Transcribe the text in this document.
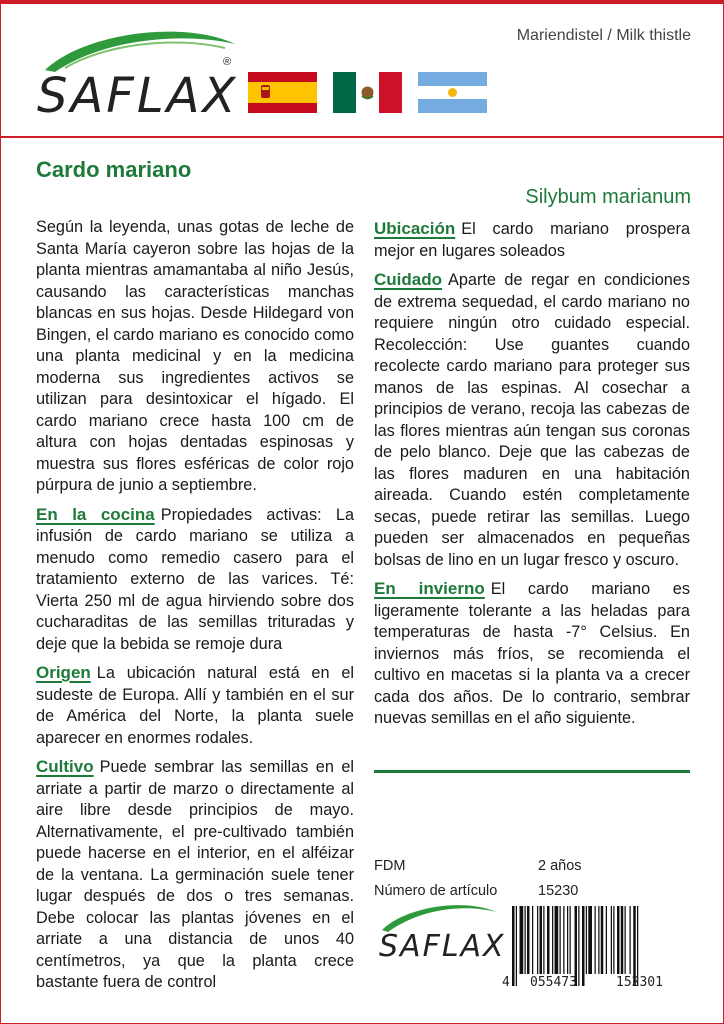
Mariendistel / Milk thistle
SAFLAX
®
Cardo mariano
Silybum marianum

Según la leyenda, unas gotas de leche de Santa María cayeron sobre las hojas de la planta mientras amamantaba al niño Jesús, causando las características manchas blancas en sus hojas. Desde Hildegard von Bingen, el cardo mariano es conocido como una planta medicinal y en la medicina moderna sus ingredientes activos se utilizan para desintoxicar el hígado. El cardo mariano crece hasta 100 cm de altura con hojas dentadas espinosas y muestra sus flores esféricas de color rojo púrpura de junio a septiembre.

En la cocina Propiedades activas: La infusión de cardo mariano se utiliza a menudo como remedio casero para el tratamiento externo de las varices. Té: Vierta 250 ml de agua hirviendo sobre dos cucharaditas de las semillas trituradas y deje que la bebida se remoje dura

Origen La ubicación natural está en el sudeste de Europa. Allí y también en el sur de América del Norte, la planta suele aparecer en enormes rodales.

Cultivo Puede sembrar las semillas en el arriate a partir de marzo o directamente al aire libre desde principios de mayo. Alternativamente, el pre-cultivado también puede hacerse en el interior, en el alféizar de la ventana. La germinación suele tener lugar después de dos o tres semanas. Debe colocar las plantas jóvenes en el arriate a una distancia de unos 40 centímetros, ya que la planta crece bastante fuera de control

Ubicación El cardo mariano prospera mejor en lugares soleados

Cuidado Aparte de regar en condiciones de extrema sequedad, el cardo mariano no requiere ningún otro cuidado especial. Recolección: Use guantes cuando recolecte cardo mariano para proteger sus manos de las espinas. Al cosechar a principios de verano, recoja las cabezas de las flores mientras aún tengan sus coronas de pelo blanco. Deje que las cabezas de las flores maduren en una habitación aireada. Cuando estén completamente secas, puede retirar las semillas. Luego pueden ser almacenados en pequeñas bolsas de lino en un lugar fresco y oscuro.

En invierno El cardo mariano es ligeramente tolerante a las heladas para temperaturas de hasta -7° Celsius. En inviernos más fríos, se recomienda el cultivo en macetas si la planta va a crecer cada dos años. De lo contrario, sembrar nuevas semillas en el año siguiente.

FDM	2 años
Número de artículo	15230
SAFLAX
4 055473	152301
